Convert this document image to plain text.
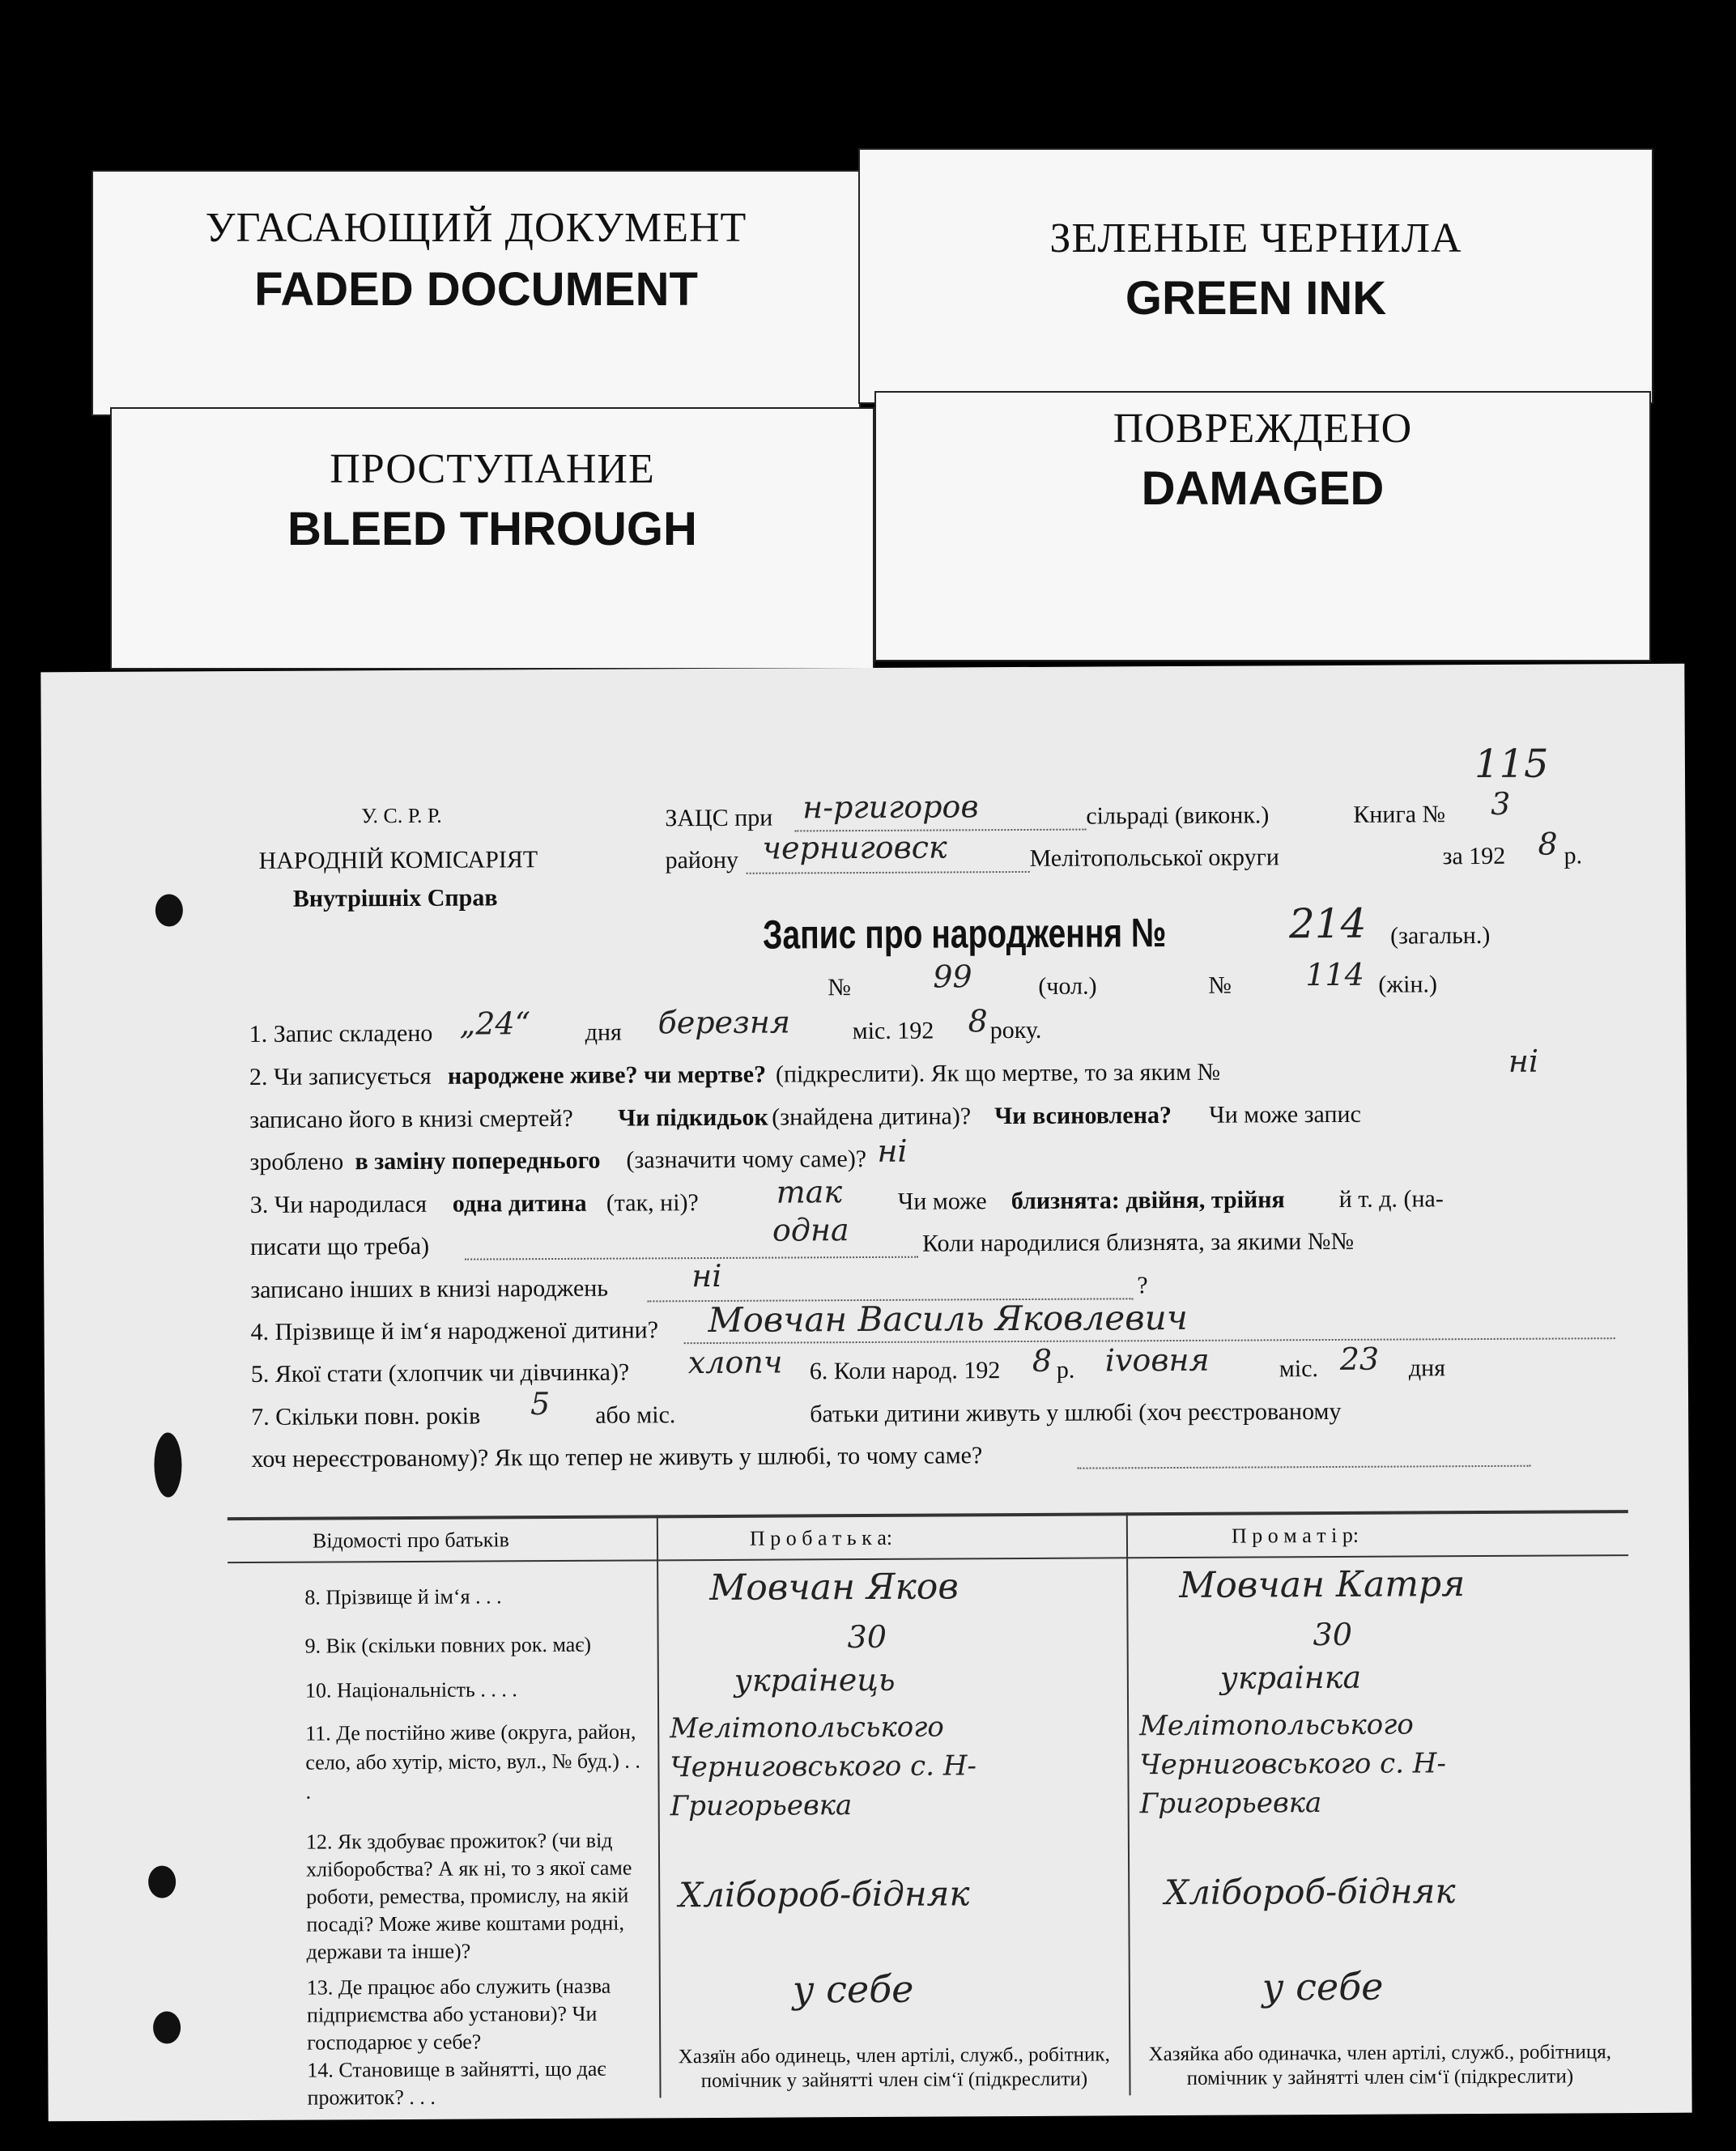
УГАСАЮЩИЙ ДОКУМЕНТ
FADED DOCUMENT
ЗЕЛЕНЫЕ ЧЕРНИЛА
GREEN INK
ПРОСТУПАНИЕ
BLEED THROUGH
ПОВРЕЖДЕНО
DAMAGED
115
У. С. Р. Р.
НАРОДНІЙ КОМІСАРІЯТ
Внутрішніх Справ
ЗАЦС при н-ргигоров	сільраді (виконк.)	Книга № 3
району черниговск	Мелітопольської округи	за 192 8 р.
Запис про народження №	214 (загальн.)
№	99	(чол.)	№ 114 (жін.)
1. Запис складено „24“ дня березня	міс. 192 8 року.
2. Чи записується народжене живе? чи мертве? (підкреслити). Як що мертве, то за яким №	ні
записано його в книзі смертей? Чи підкидьок (знайдена дитина)? Чи всиновлена? Чи може запис
зроблено в заміну попереднього (зазначити чому саме)? ні
3. Чи народилася одна дитина (так, ні)?	так Чи може близнята: двійня, трійня й т. д. (на-
писати що треба)	одна	Коли народилися близнята, за якими №№
записано інших в книзі народжень	ні	?
4. Прізвище й ім‘я народженої дитини? Мовчан Василь Яковлевич
5. Якої стати (хлопчик чи дівчинка)? хлопч 6. Коли народ. 192 8 р. ivoвня	міс. 23 дня
7. Скільки повн. років 5 або міс.	батьки дитини живуть у шлюбі (хоч реєстрованому
хоч нереєстрованому)? Як що тепер не живуть у шлюбі, то чому саме?
Відомості про батьків	П р о б а т ь к а:	П р о м а т і р:
8. Прізвище й ім‘я . . .	Мовчан Яков	Мовчан Катря
9. Вік (скільки повних рок. має)	30	30
10. Національність . . . .	украінець	украінка
11. Де постійно живе (округа, район, село, або хутір, місто, вул., № буд.) . . .
Мелітопольського Черниговського с. Н-Григорьевка
Мелітопольського Черниговського с. Н-Григорьевка
12. Як здобуває прожиток? (чи від хліборобства? А як ні, то з якої саме роботи, ремества, промислу, на якій посаді? Може живе коштами родні, держави та інше)?
Хлібороб-бідняк	Хлібороб-бідняк
13. Де працює або служить (назва підприємства або установи)? Чи господарює у себе?
у себе	у себе
14. Становище в зайнятті, що дає прожиток? . . .
Хазяїн або одинець, член артілі, служб., робітник, помічник у зайнятті член сім‘ї (підкреслити)
Хазяйка або одиначка, член артілі, служб., робітниця, помічник у зайнятті член сім‘ї (підкреслити)
